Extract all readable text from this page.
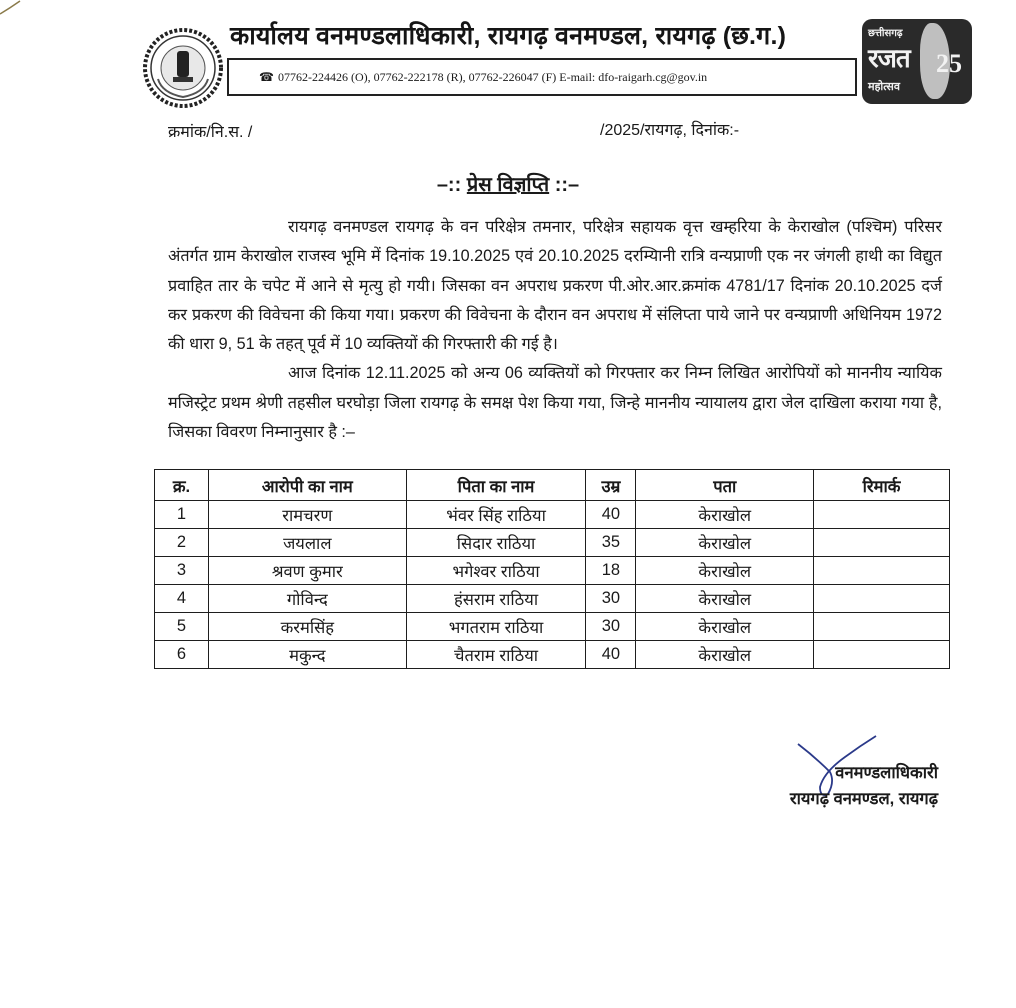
कार्यालय वनमण्डलाधिकारी, रायगढ़ वनमण्डल, रायगढ़ (छ.ग.)
☎ 07762-224426 (O), 07762-222178 (R), 07762-226047 (F) E-mail: dfo-raigarh.cg@gov.in
छत्तीसगढ़
रजत
महोत्सव
25
क्रमांक/नि.स. /	/2025/रायगढ़, दिनांक:-
–:: प्रेस विज्ञप्ति ::–

रायगढ़ वनमण्डल रायगढ़ के वन परिक्षेत्र तमनार, परिक्षेत्र सहायक वृत्त खम्हरिया के केराखोल (पश्चिम) परिसर अंतर्गत ग्राम केराखोल राजस्व भूमि में दिनांक 19.10.2025 एवं 20.10.2025 दरम्यिानी रात्रि वन्यप्राणी एक नर जंगली हाथी का विद्युत प्रवाहित तार के चपेट में आने से मृत्यु हो गयी। जिसका वन अपराध प्रकरण पी.ओर.आर.क्रमांक 4781/17 दिनांक 20.10.2025 दर्ज कर प्रकरण की विवेचना की किया गया। प्रकरण की विवेचना के दौरान वन अपराध में संलिप्ता पाये जाने पर वन्यप्राणी अधिनियम 1972 की धारा 9, 51 के तहत् पूर्व में 10 व्यक्तियों की गिरफ्तारी की गई है।

आज दिनांक 12.11.2025 को अन्य 06 व्यक्तियों को गिरफ्तार कर निम्न लिखित आरोपियों को माननीय न्यायिक मजिस्ट्रेट प्रथम श्रेणी तहसील घरघोड़ा जिला रायगढ़ के समक्ष पेश किया गया, जिन्हे माननीय न्यायालय द्वारा जेल दाखिला कराया गया है, जिसका विवरण निम्नानुसार है :–

क्र.	आरोपी का नाम	पिता का नाम	उम्र	पता	रिमार्क
1	रामचरण	भंवर सिंह राठिया	40	केराखोल	
2	जयलाल	सिदार राठिया	35	केराखोल	
3	श्रवण कुमार	भगेश्वर राठिया	18	केराखोल	
4	गोविन्द	हंसराम राठिया	30	केराखोल	
5	करमसिंह	भगतराम राठिया	30	केराखोल	
6	मकुन्द	चैतराम राठिया	40	केराखोल	
वनमण्डलाधिकारी
रायगढ़ वनमण्डल, रायगढ़
